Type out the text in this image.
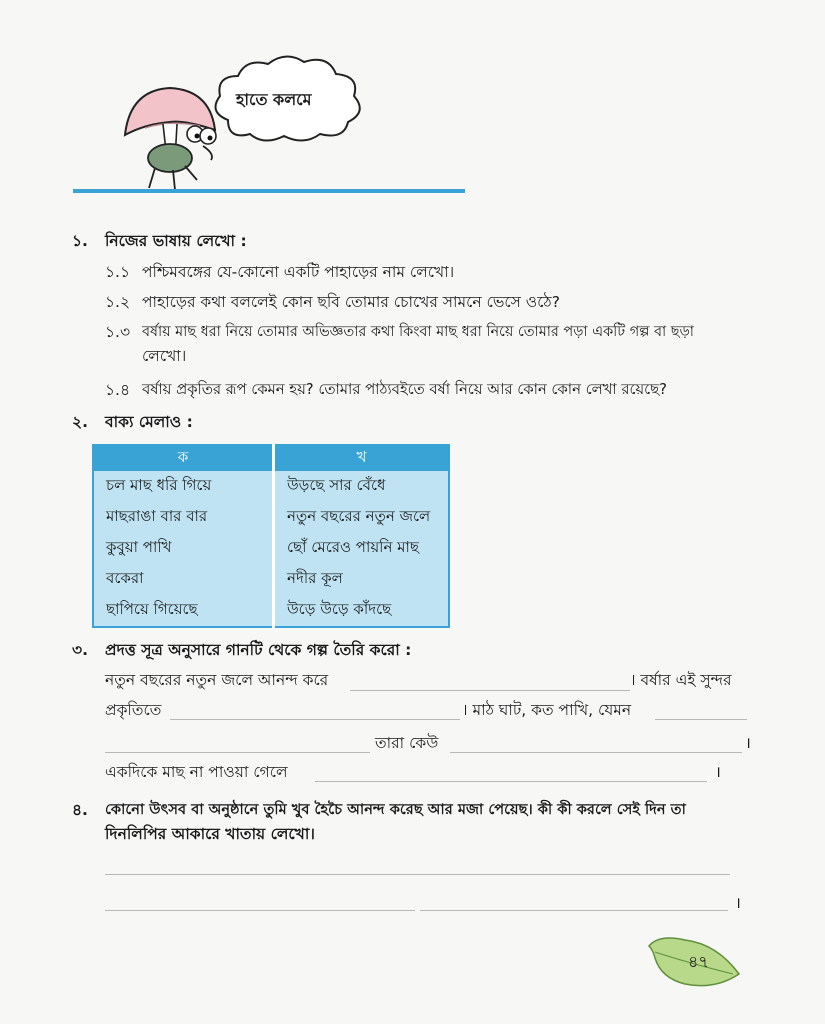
হাতে কলমে
১. নিজের ভাষায় লেখো :
১.১ পশ্চিমবঙ্গের যে-কোনো একটি পাহাড়ের নাম লেখো।
১.২ পাহাড়ের কথা বললেই কোন ছবি তোমার চোখের সামনে ভেসে ওঠে?
১.৩ বর্ষায় মাছ ধরা নিয়ে তোমার অভিজ্ঞতার কথা কিংবা মাছ ধরা নিয়ে তোমার পড়া একটি গল্প বা ছড়া
লেখো।
১.৪ বর্ষায় প্রকৃতির রূপ কেমন হয়? তোমার পাঠ্যবইতে বর্ষা নিয়ে আর কোন কোন লেখা রয়েছে?
২. বাক্য মেলাও :
ক	খ
চল মাছ ধরি গিয়ে	উড়ছে সার বেঁধে
মাছরাঙা বার বার	নতুন বছরের নতুন জলে
কুবুয়া পাখি	ছোঁ মেরেও পায়নি মাছ
বকেরা	নদীর কূল
ছাপিয়ে গিয়েছে	উড়ে উড়ে কাঁদছে
৩. প্রদত্ত সূত্র অনুসারে গানটি থেকে গল্প তৈরি করো :
নতুন বছরের নতুন জলে আনন্দ করে	। বর্ষার এই সুন্দর
প্রকৃতিতে	। মাঠ ঘাট, কত পাখি, যেমন
তারা কেউ	।
একদিকে মাছ না পাওয়া গেলে	।
৪. কোনো উৎসব বা অনুষ্ঠানে তুমি খুব হৈচৈ আনন্দ করেছ আর মজা পেয়েছ। কী কী করলে সেই দিন তা
দিনলিপির আকারে খাতায় লেখো।
।
৪৭
